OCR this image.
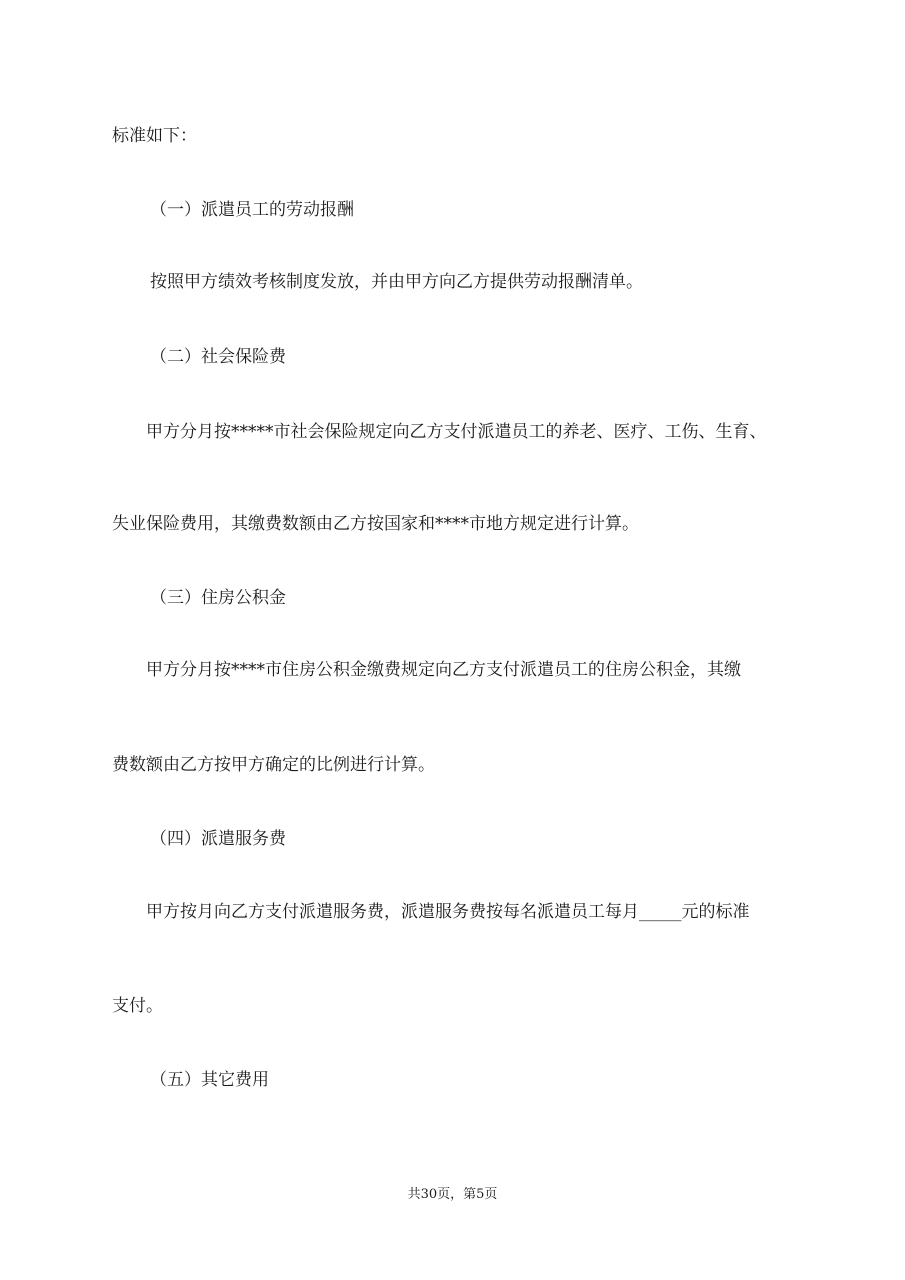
标准如下：

（一）派遣员工的劳动报酬

按照甲方绩效考核制度发放，并由甲方向乙方提供劳动报酬清单。

（二）社会保险费

甲方分月按*****市社会保险规定向乙方支付派遣员工的养老、医疗、工伤、生育、

失业保险费用，其缴费数额由乙方按国家和****市地方规定进行计算。

（三）住房公积金

甲方分月按****市住房公积金缴费规定向乙方支付派遣员工的住房公积金，其缴

费数额由乙方按甲方确定的比例进行计算。

（四）派遣服务费

甲方按月向乙方支付派遣服务费，派遣服务费按每名派遣员工每月_____元的标准

支付。

（五）其它费用

共30页，第5页
